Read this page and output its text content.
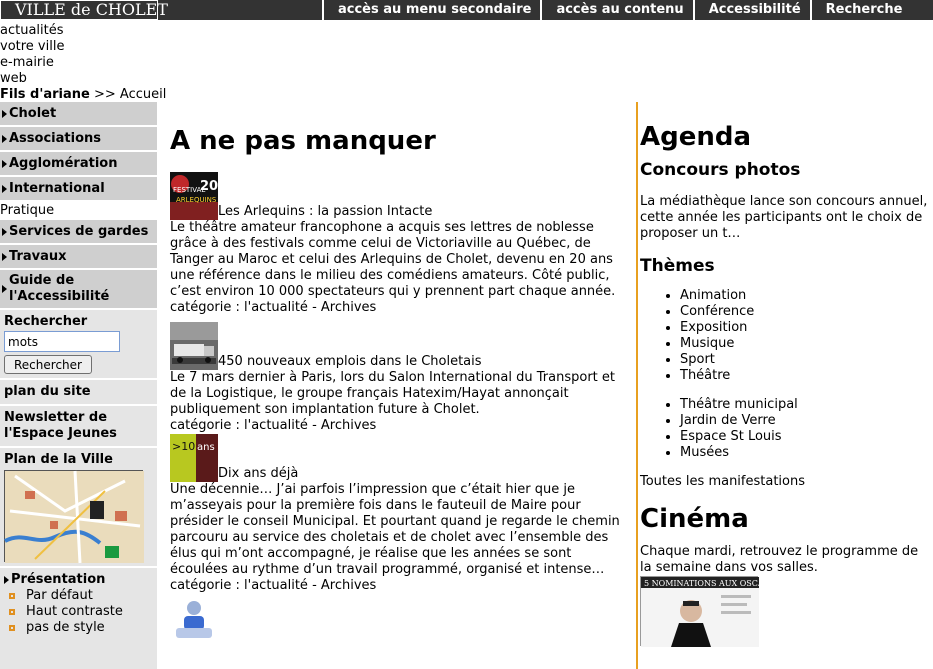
VILLE de CHOLET	accès au menu secondaire	accès au contenu	Accessibilité	Recherche
actualités
votre ville
e-mairie
web
Fils d'ariane >> Accueil
Cholet
Associations
Agglomération
International
Pratique
Services de gardes
Travaux
Guide de l'Accessibilité
Rechercher
mots
Rechercher
plan du site
Newsletter de l'Espace Jeunes
Plan de la Ville
Présentation
Par défaut
Haut contraste
pas de style
A ne pas manquer
FESTIVAL
20
ARLEQUINS
Les Arlequins : la passion Intacte

Le théâtre amateur francophone a acquis ses lettres de noblesse grâce à des festivals comme celui de Victoriaville au Québec, de Tanger au Maroc et celui des Arlequins de Cholet, devenu en 20 ans une référence dans le milieu des comédiens amateurs. Côté public, c’est environ 10 000 spectateurs qui y prennent part chaque année.

catégorie : l'actualité - Archives
450 nouveaux emplois dans le Choletais

Le 7 mars dernier à Paris, lors du Salon International du Transport et de la Logistique, le groupe français Hatexim/Hayat annonçait publiquement son implantation future à Cholet.

catégorie : l'actualité - Archives
>10 ans
Dix ans déjà

Une décennie… J’ai parfois l’impression que c’était hier que je m’asseyais pour la première fois dans le fauteuil de Maire pour présider le conseil Municipal. Et pourtant quand je regarde le chemin parcouru au service des choletais et de cholet avec l’ensemble des élus qui m’ont accompagné, je réalise que les années se sont écoulées au rythme d’un travail programmé, organisé et intense…

catégorie : l'actualité - Archives
Agenda
Concours photos

La médiathèque lance son concours annuel, cette année les participants ont le choix de proposer un t…

Thèmes
• Animation
• Conférence
• Exposition
• Musique
• Sport
• Théâtre
• Théâtre municipal
• Jardin de Verre
• Espace St Louis
• Musées

Toutes les manifestations

Cinéma

Chaque mardi, retrouvez le programme de la semaine dans vos salles.

5 NOMINATIONS AUX OSCARS
